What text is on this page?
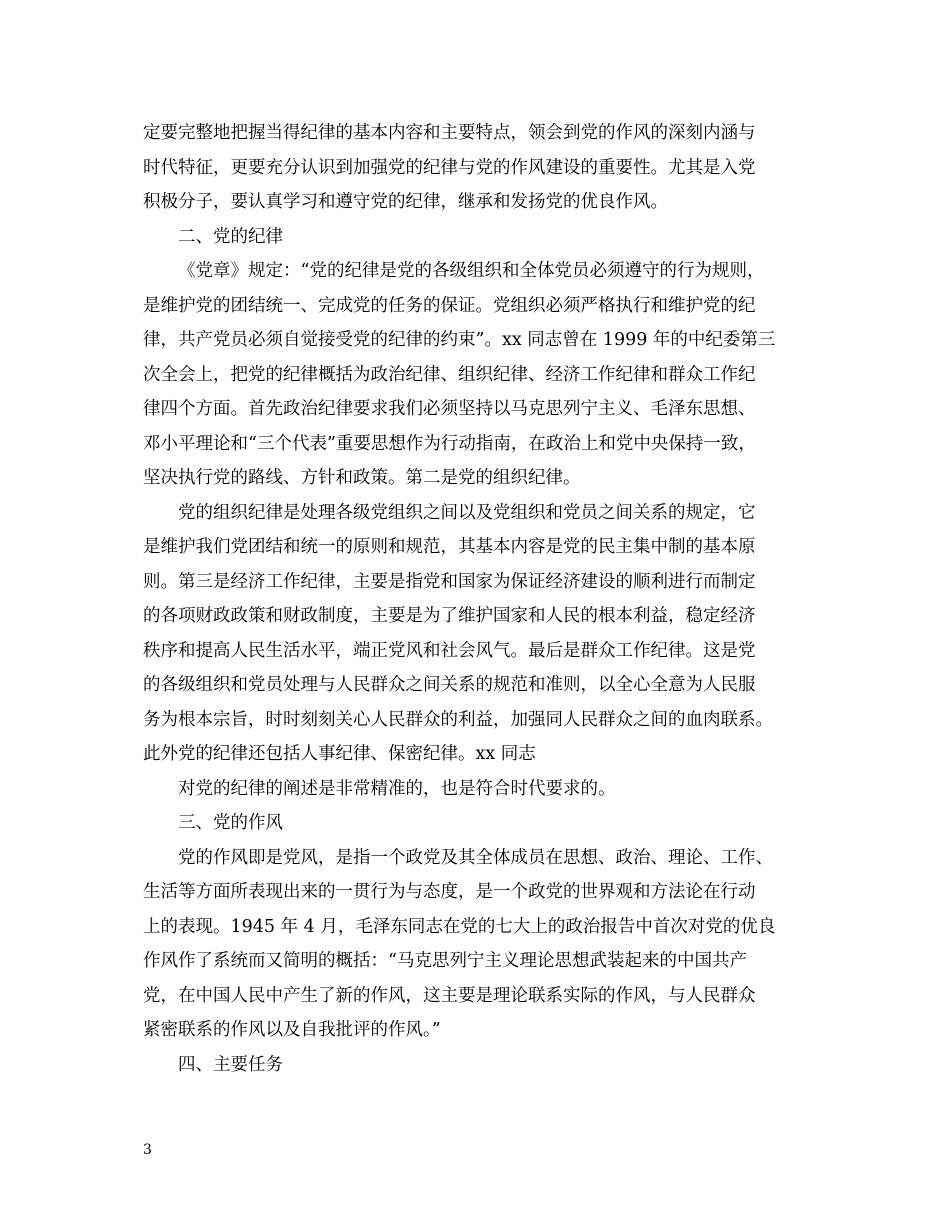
定要完整地把握当得纪律的基本内容和主要特点，领会到党的作风的深刻内涵与
时代特征，更要充分认识到加强党的纪律与党的作风建设的重要性。尤其是入党
积极分子，要认真学习和遵守党的纪律，继承和发扬党的优良作风。
二、党的纪律
《党章》规定：“党的纪律是党的各级组织和全体党员必须遵守的行为规则，
是维护党的团结统一、完成党的任务的保证。党组织必须严格执行和维护党的纪
律，共产党员必须自觉接受党的纪律的约束”。xx 同志曾在 1999 年的中纪委第三
次全会上，把党的纪律概括为政治纪律、组织纪律、经济工作纪律和群众工作纪
律四个方面。首先政治纪律要求我们必须坚持以马克思列宁主义、毛泽东思想、
邓小平理论和“三个代表”重要思想作为行动指南，在政治上和党中央保持一致，
坚决执行党的路线、方针和政策。第二是党的组织纪律。
党的组织纪律是处理各级党组织之间以及党组织和党员之间关系的规定，它
是维护我们党团结和统一的原则和规范，其基本内容是党的民主集中制的基本原
则。第三是经济工作纪律，主要是指党和国家为保证经济建设的顺利进行而制定
的各项财政政策和财政制度，主要是为了维护国家和人民的根本利益，稳定经济
秩序和提高人民生活水平，端正党风和社会风气。最后是群众工作纪律。这是党
的各级组织和党员处理与人民群众之间关系的规范和准则，以全心全意为人民服
务为根本宗旨，时时刻刻关心人民群众的利益，加强同人民群众之间的血肉联系。
此外党的纪律还包括人事纪律、保密纪律。xx 同志
对党的纪律的阐述是非常精准的，也是符合时代要求的。
三、党的作风
党的作风即是党风，是指一个政党及其全体成员在思想、政治、理论、工作、
生活等方面所表现出来的一贯行为与态度，是一个政党的世界观和方法论在行动
上的表现。1945 年 4 月，毛泽东同志在党的七大上的政治报告中首次对党的优良
作风作了系统而又简明的概括：“马克思列宁主义理论思想武装起来的中国共产
党，在中国人民中产生了新的作风，这主要是理论联系实际的作风，与人民群众
紧密联系的作风以及自我批评的作风。”
四、主要任务
3
